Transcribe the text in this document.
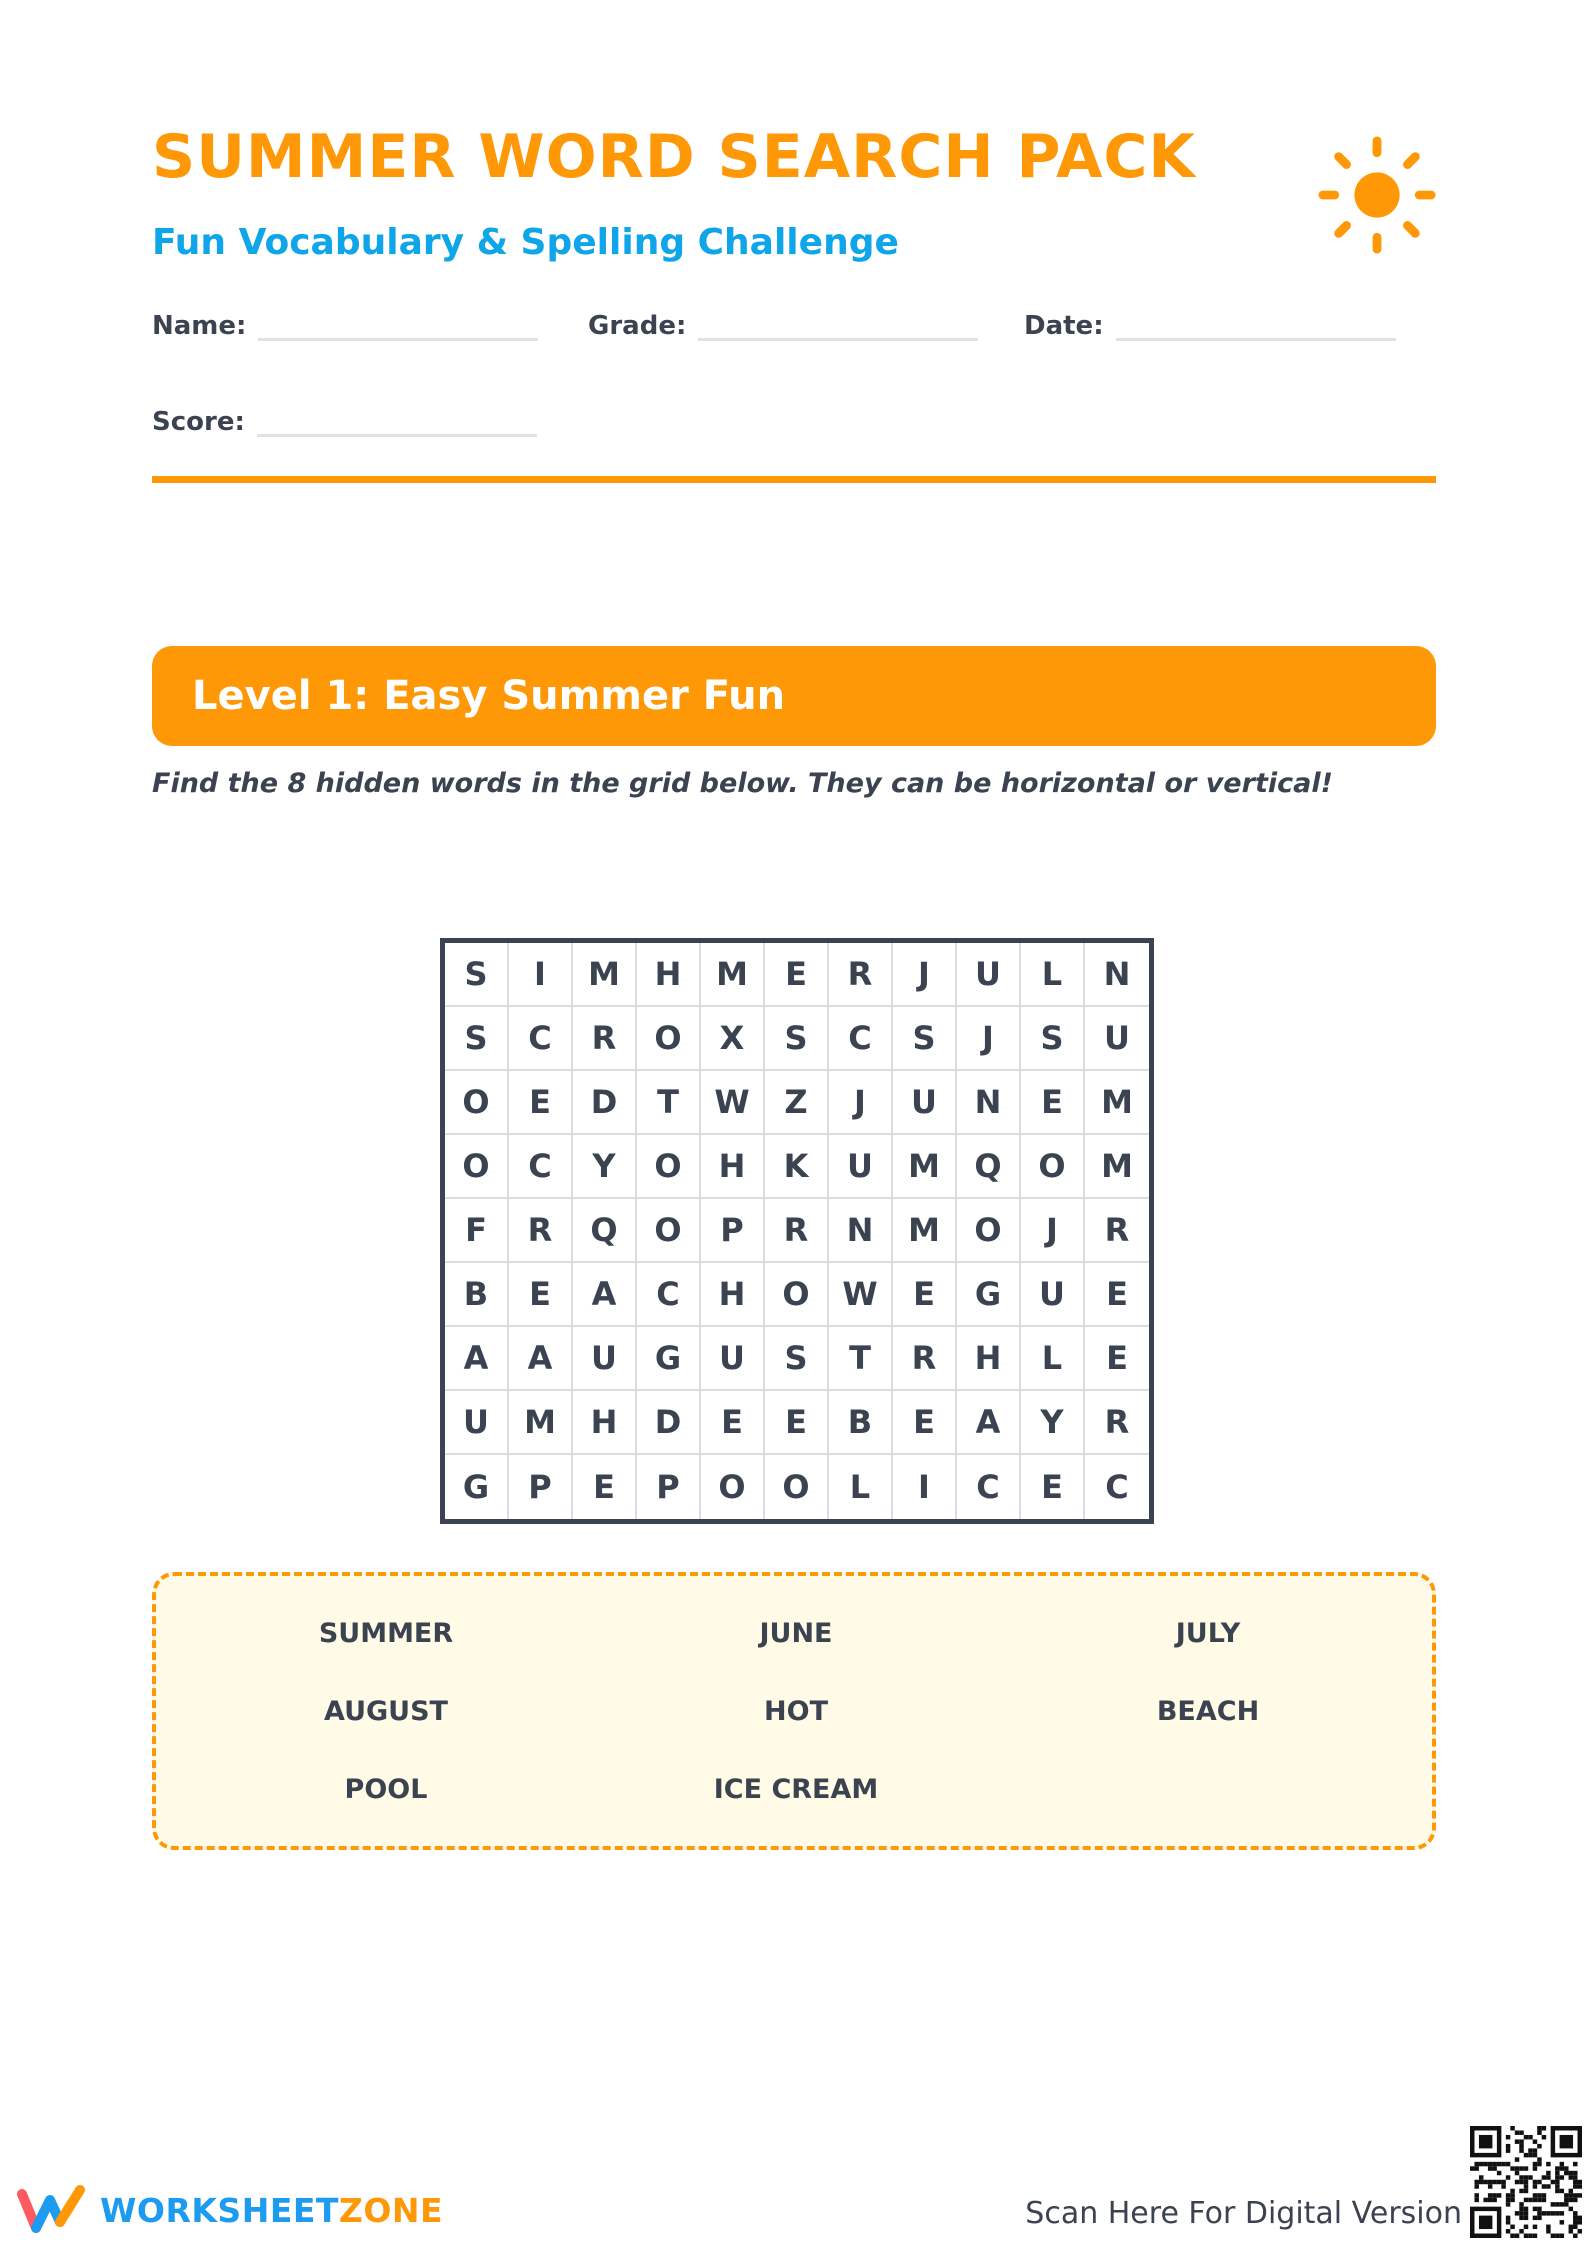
SUMMER WORD SEARCH PACK
Fun Vocabulary & Spelling Challenge
Name:	Grade:	Date:
Score:
Level 1: Easy Summer Fun
Find the 8 hidden words in the grid below. They can be horizontal or vertical!
S	I	M	H	M	E	R	J	U	L	N
S	C	R	O	X	S	C	S	J	S	U
O	E	D	T	W	Z	J	U	N	E	M
O	C	Y	O	H	K	U	M	Q	O	M
F	R	Q	O	P	R	N	M	O	J	R
B	E	A	C	H	O	W	E	G	U	E
A	A	U	G	U	S	T	R	H	L	E
U	M	H	D	E	E	B	E	A	Y	R
G	P	E	P	O	O	L	I	C	E	C
SUMMER	JUNE	JULY
AUGUST	HOT	BEACH
POOL	ICE CREAM
WORKSHEETZONE	Scan Here For Digital Version
